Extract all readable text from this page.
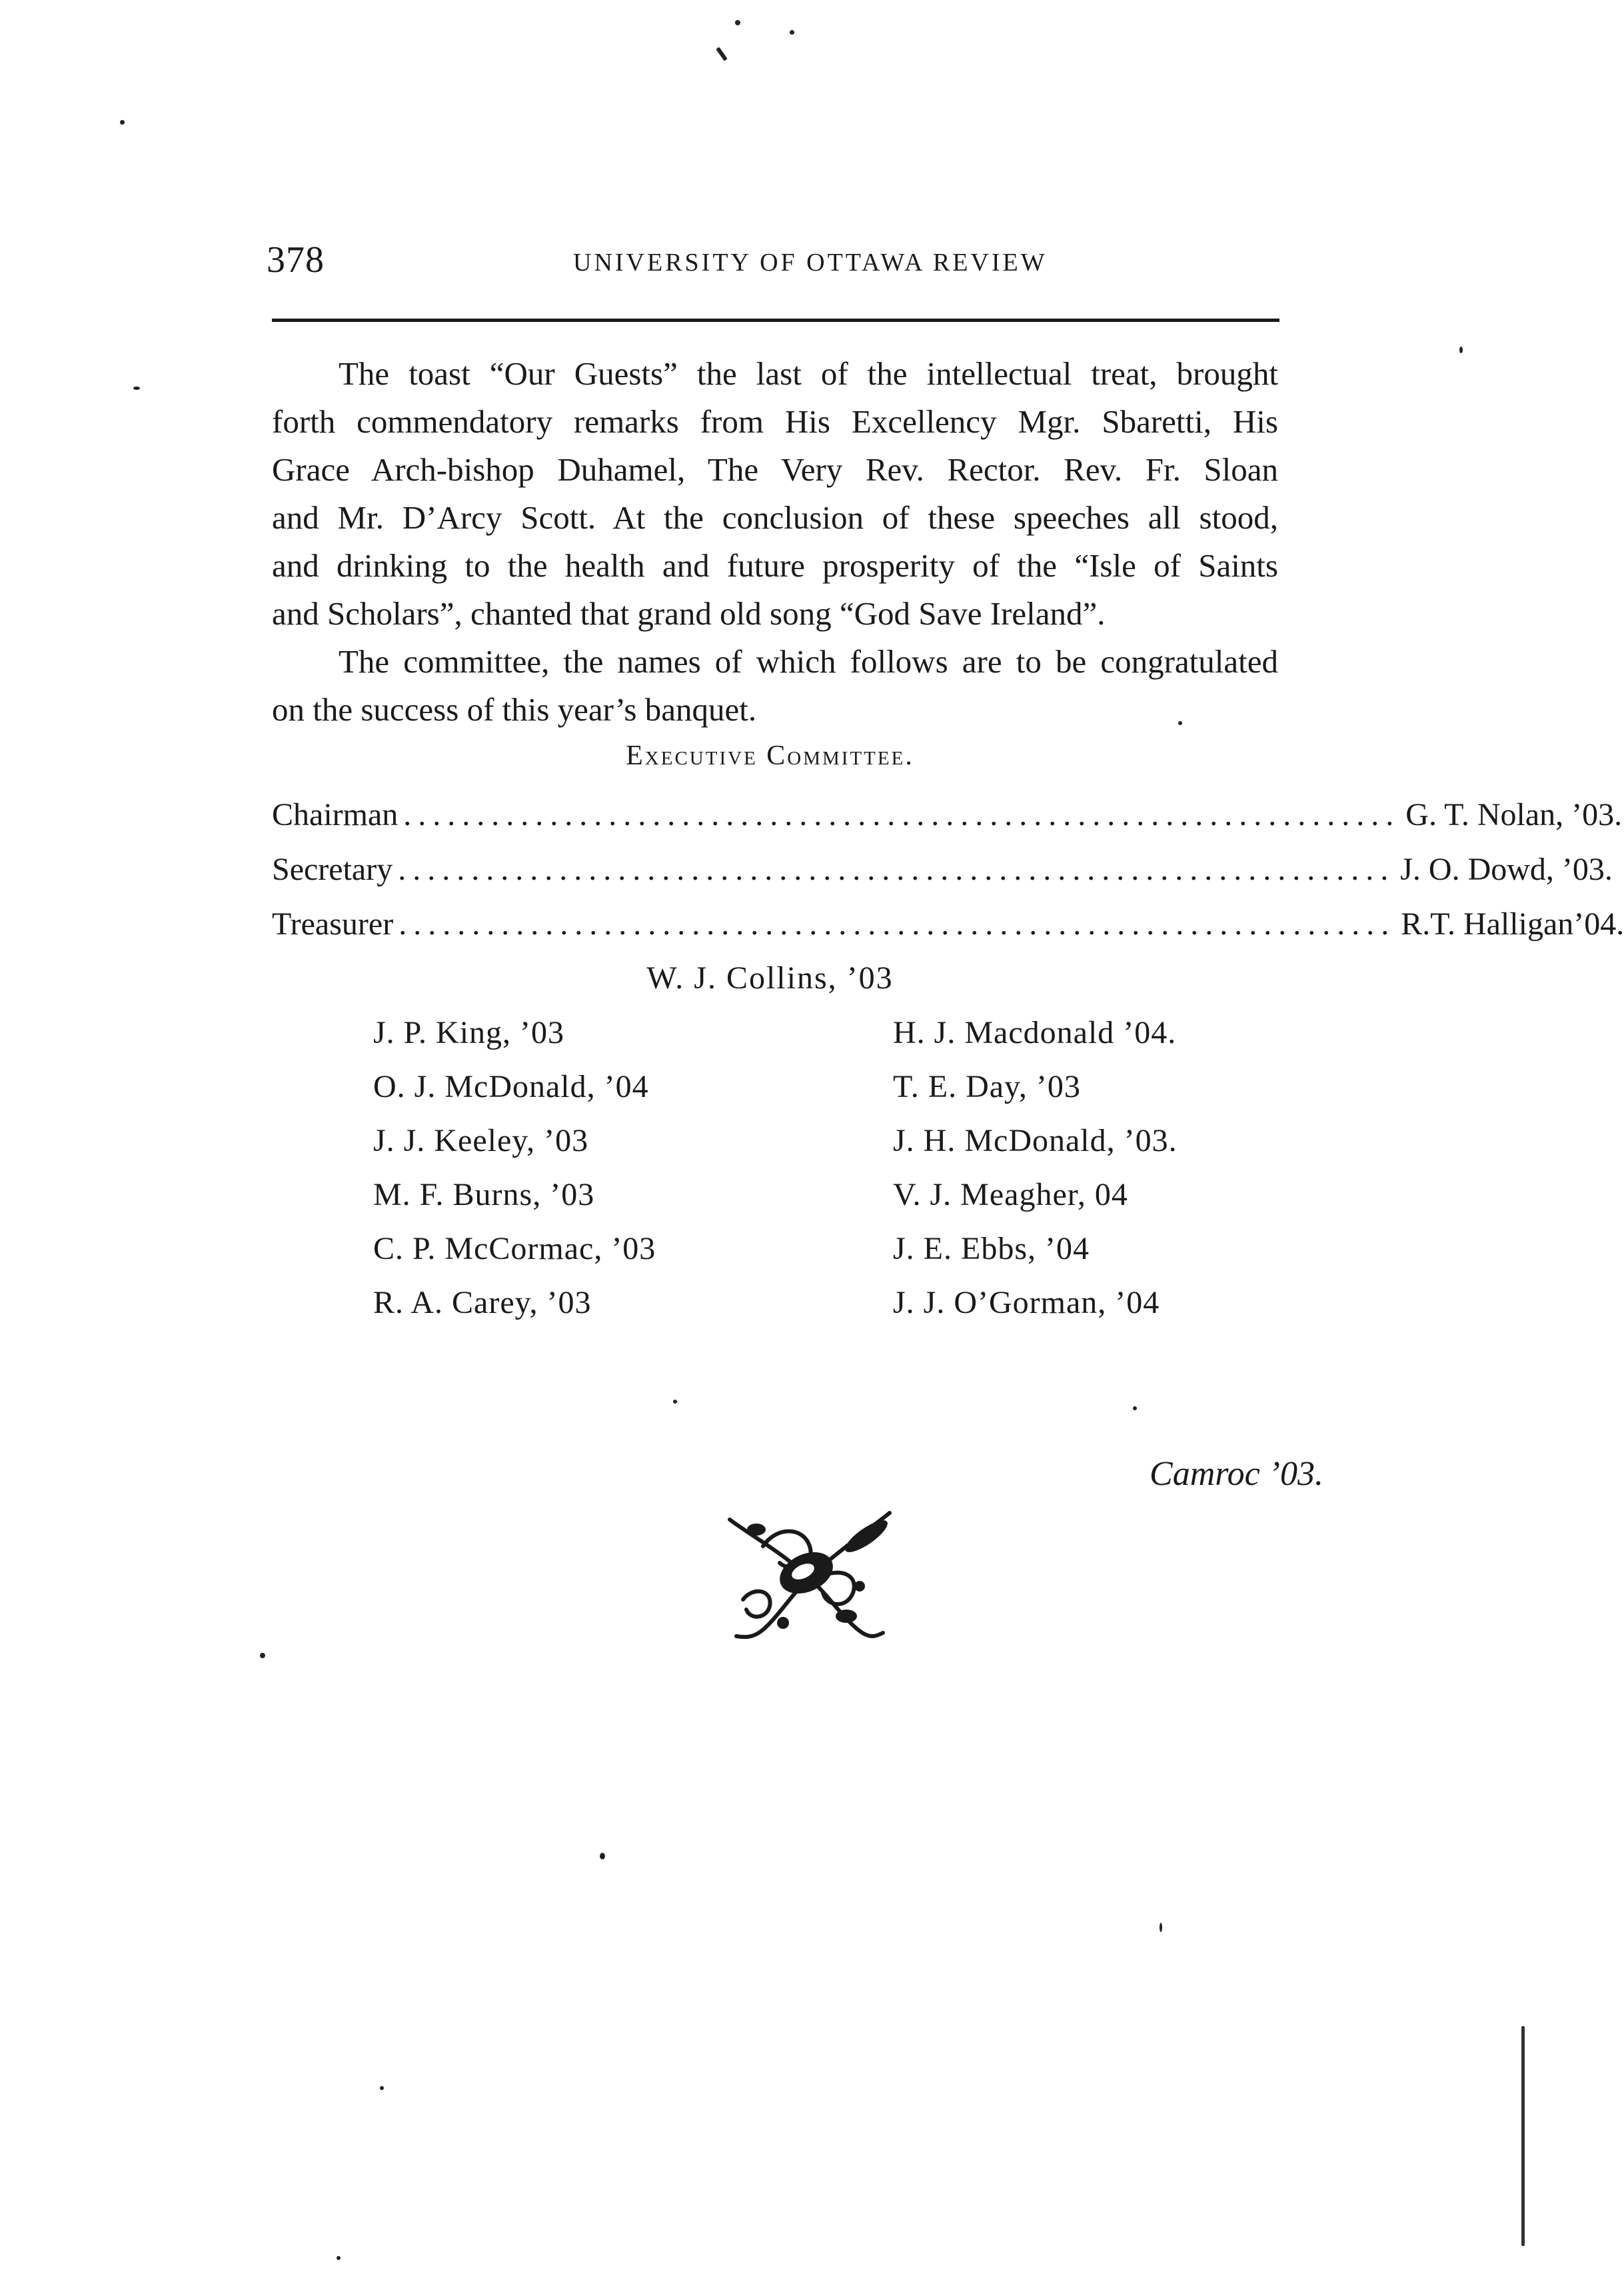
378	UNIVERSITY OF OTTAWA REVIEW
The toast “Our Guests” the last of the intellectual treat, brought
forth commendatory remarks from His Excellency Mgr. Sbaretti, His
Grace Arch-bishop Duhamel, The Very Rev. Rector. Rev. Fr. Sloan
and Mr. D’Arcy Scott. At the conclusion of these speeches all stood,
and drinking to the health and future prosperity of the “Isle of Saints
and Scholars”, chanted that grand old song “God Save Ireland”.
The committee, the names of which follows are to be congratulated
on the success of this year’s banquet.
Executive Committee.
Chairman .................................................................... G. T. Nolan, ’03.
Secretary .................................................................... J. O. Dowd, ’03.
Treasurer .................................................................... R.T. Halligan’04.
W. J. Collins, ’03
J. P. King, ’03
O. J. McDonald, ’04
J. J. Keeley, ’03
M. F. Burns, ’03
C. P. McCormac, ’03
R. A. Carey, ’03
H. J. Macdonald ’04.
T. E. Day, ’03
J. H. McDonald, ’03.
V. J. Meagher, 04
J. E. Ebbs, ’04
J. J. O’Gorman, ’04
Camroc ’03.
